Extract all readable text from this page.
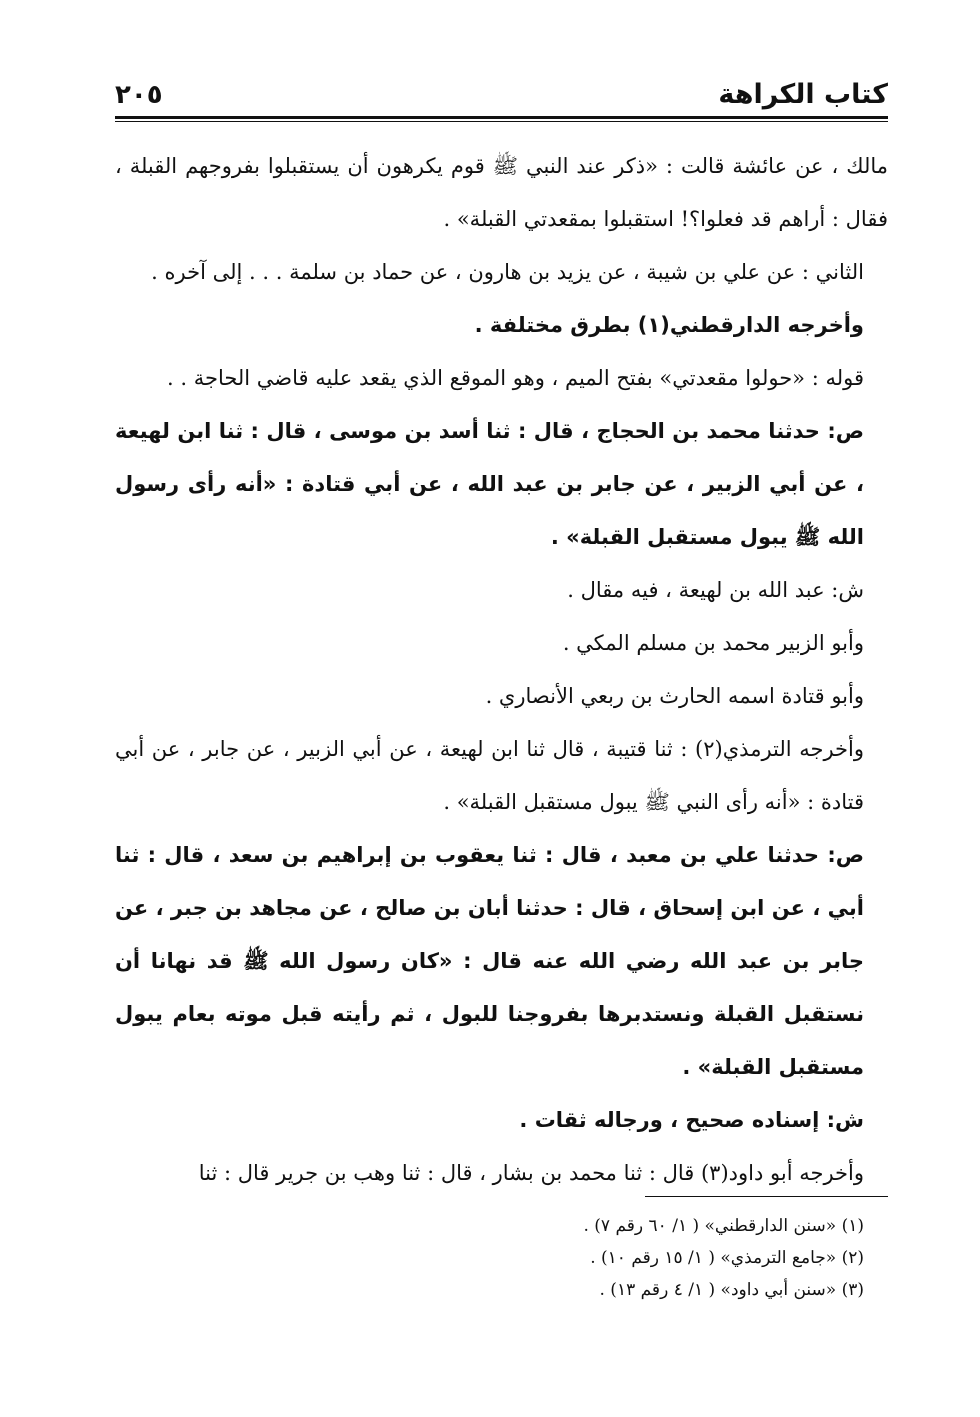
كتاب الكراهة
٢٠٥

مالك ، عن عائشة قالت : «ذكر عند النبي ﷺ قوم يكرهون أن يستقبلوا بفروجهم القبلة ، فقال : أراهم قد فعلوا؟! استقبلوا بمقعدتي القبلة» .

الثاني : عن علي بن شيبة ، عن يزيد بن هارون ، عن حماد بن سلمة . . . إلى آخره .

وأخرجه الدارقطني(١) بطرق مختلفة .

قوله : «حولوا مقعدتي» بفتح الميم ، وهو الموقع الذي يقعد عليه قاضي الحاجة . .

ص: حدثنا محمد بن الحجاج ، قال : ثنا أسد بن موسى ، قال : ثنا ابن لهيعة ، عن أبي الزبير ، عن جابر بن عبد الله ، عن أبي قتادة : «أنه رأى رسول الله ﷺ يبول مستقبل القبلة» .

ش: عبد الله بن لهيعة ، فيه مقال .

وأبو الزبير محمد بن مسلم المكي .

وأبو قتادة اسمه الحارث بن ربعي الأنصاري .

وأخرجه الترمذي(٢) : ثنا قتيبة ، قال ثنا ابن لهيعة ، عن أبي الزبير ، عن جابر ، عن أبي قتادة : «أنه رأى النبي ﷺ يبول مستقبل القبلة» .

ص: حدثنا علي بن معبد ، قال : ثنا يعقوب بن إبراهيم بن سعد ، قال : ثنا أبي ، عن ابن إسحاق ، قال : حدثنا أبان بن صالح ، عن مجاهد بن جبر ، عن جابر بن عبد الله رضي الله عنه قال : «كان رسول الله ﷺ قد نهانا أن نستقبل القبلة ونستدبرها بفروجنا للبول ، ثم رأيته قبل موته بعام يبول مستقبل القبلة» .

ش: إسناده صحيح ، ورجاله ثقات .

وأخرجه أبو داود(٣) قال : ثنا محمد بن بشار ، قال : ثنا وهب بن جرير قال : ثنا

(١) «سنن الدارقطني» ( ١/ ٦٠ رقم ٧) .

(٢) «جامع الترمذي» ( ١/ ١٥ رقم ١٠) .

(٣) «سنن أبي داود» ( ١/ ٤ رقم ١٣) .
